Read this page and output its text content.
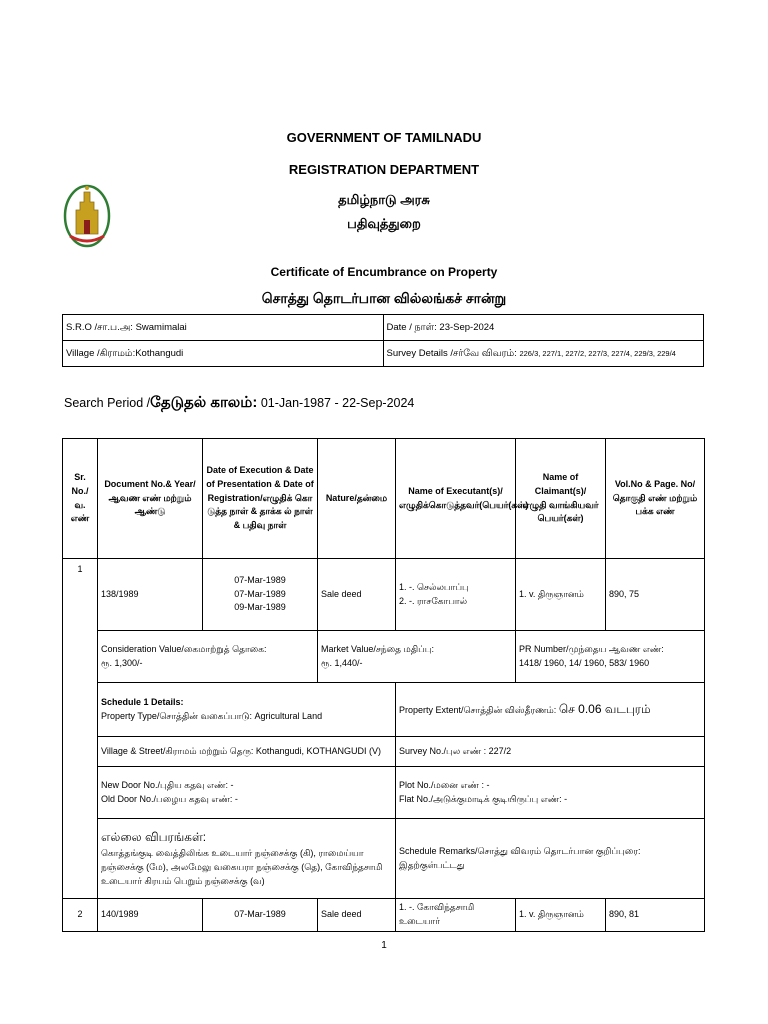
GOVERNMENT OF TAMILNADU
REGISTRATION DEPARTMENT
தமிழ்நாடு அரசு
பதிவுத்துறை
Certificate of Encumbrance on Property
சொத்து தொடர்பான வில்லங்கச் சான்று
S.R.O /சா.ப.அ: Swamimalai	Date / நாள்: 23-Sep-2024
Village /கிராமம்:Kothangudi	Survey Details /சர்வே விவரம்: 226/3, 227/1, 227/2, 227/3, 227/4, 229/3, 229/4
Search Period /தேடுதல் காலம்: 01-Jan-1987 - 22-Sep-2024
Sr. No./
வ.
எண்	Document No.& Year/
ஆவண எண் மற்றும்
ஆண்டு	Date of Execution & Date
of Presentation & Date of
Registration/எழுதிக் கொ
டுத்த நாள் & தாக்க ல் நாள்
& பதிவு நாள்	Nature/தன்மை	Name of Executant(s)/
எழுதிக்கொடுத்தவர்(பெயர்(கள்)	Name of Claimant(s)/
எழுதி வாங்கியவர்
பெயர்(கள்)	Vol.No & Page. No/
தொகுதி எண் மற்றும்
பக்க எண்

1	138/1989	07-Mar-1989
07-Mar-1989
09-Mar-1989	Sale deed	1. -. செல்லபாப்பு
2. -. ராசகோபால்	1. v. திருஞானம்	890, 75

	Consideration Value/கைமாற்றுத் தொகை:
ரூ. 1,300/-		Market Value/சந்தை மதிப்பு:
ரூ. 1,440/-		PR Number/முந்தைய ஆவண எண்:
1418/ 1960, 14/ 1960, 583/ 1960	

	Schedule 1 Details:
Property Type/சொத்தின் வகைப்பாடு: Agricultural Land			Property Extent/சொத்தின் விஸ்தீரணம்: செ 0.06 வடபுரம்		
	Village & Street/கிராமம் மற்றும் தெரு: Kothangudi, KOTHANGUDI (V)			Survey No./புல எண் : 227/2		

	New Door No./புதிய கதவு எண்: -
Old Door No./பழைய கதவு எண்: -			Plot No./மனை எண் : -
Flat No./அடுக்குமாடிக் குடியிருப்பு எண்: -		

	எல்லை விபரங்கள்:
கொத்தங்குடி வைத்திலிங்க உடையார் நஞ்சைக்கு (கி), ராமைய்யா
நஞ்சைக்கு (மே), அலமேலு வகையரா நஞ்சைக்கு (தெ), கோவிந்தசாமி
உடையார் கிரயம் பெறும் நஞ்சைக்கு (வ)			Schedule Remarks/சொத்து விவரம் தொடர்பான குறிப்புரை: இதற்குள்பட்டது		

2	140/1989	07-Mar-1989	Sale deed	1. -. கோவிந்தசாமி உடையார்	1. v. திருஞானம்	890, 81
1
